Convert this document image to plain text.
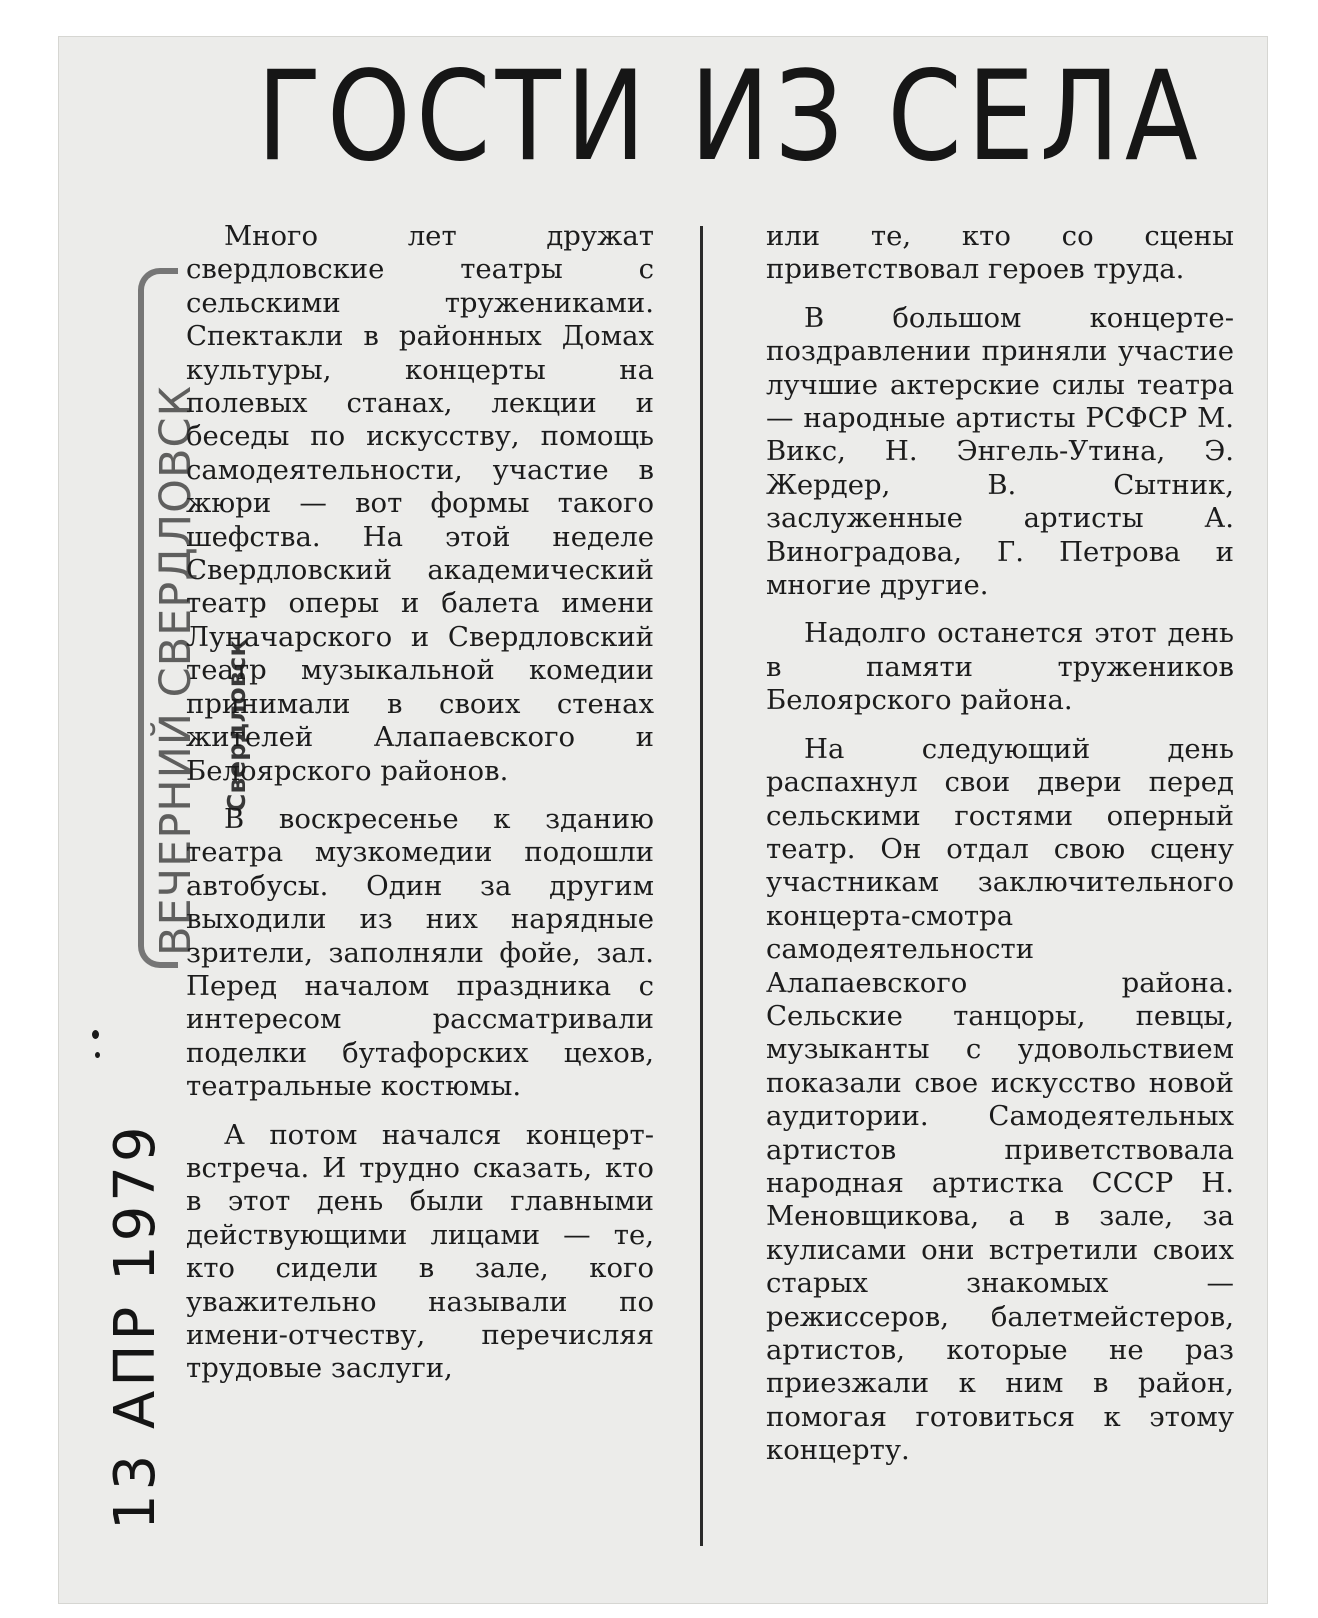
ГОСТИ ИЗ СЕЛА

Много лет дружат свердловские театры с сельскими тружениками. Спектакли в районных Домах культуры, концерты на полевых станах, лекции и беседы по искусству, помощь самодеятельности, участие в жюри — вот формы такого шефства. На этой неделе Свердловский академический театр оперы и балета имени Луначарского и Свердловский театр музыкальной комедии принимали в своих стенах жителей Алапаевского и Белоярского районов.

В воскресенье к зданию театра музкомедии подошли автобусы. Один за другим выходили из них нарядные зрители, заполняли фойе, зал. Перед началом праздника с интересом рассматривали поделки бутафорских цехов, театральные костюмы.

А потом начался концерт-встреча. И трудно сказать, кто в этот день были главными действующими лицами — те, кто сидели в зале, кого уважительно называли по имени-отчеству, перечисляя трудовые заслуги,

или те, кто со сцены приветствовал героев труда.

В большом концерте-поздравлении приняли участие лучшие актерские силы театра — народные артисты РСФСР М. Викс, Н. Энгель-Утина, Э. Жердер, В. Сытник, заслуженные артисты А. Виноградова, Г. Петрова и многие другие.

Надолго останется этот день в памяти тружеников Белоярского района.

На следующий день распахнул свои двери перед сельскими гостями оперный театр. Он отдал свою сцену участникам заключительного концерта-смотра самодеятельности Алапаевского района. Сельские танцоры, певцы, музыканты с удовольствием показали свое искусство новой аудитории. Самодеятельных артистов приветствовала народная артистка СССР Н. Меновщикова, а в зале, за кулисами они встретили своих старых знакомых — режиссеров, балетмейстеров, артистов, которые не раз приезжали к ним в район, помогая готовиться к этому концерту.

ВЕЧЕРНИЙ СВЕРДЛОВСК Свердловск
13 АПР 1979
